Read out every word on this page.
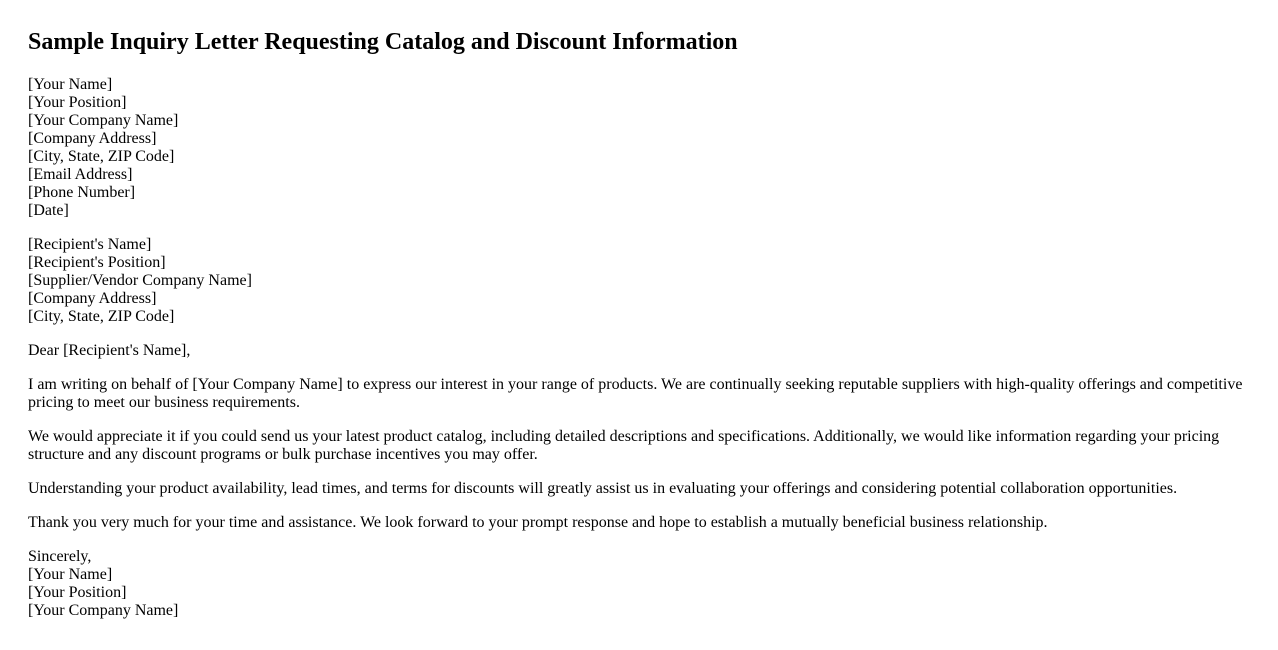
Sample Inquiry Letter Requesting Catalog and Discount Information
[Your Name]
[Your Position]
[Your Company Name]
[Company Address]
[City, State, ZIP Code]
[Email Address]
[Phone Number]
[Date]
[Recipient's Name]
[Recipient's Position]
[Supplier/Vendor Company Name]
[Company Address]
[City, State, ZIP Code]

Dear [Recipient's Name],

I am writing on behalf of [Your Company Name] to express our interest in your range of products. We are continually seeking reputable suppliers with high-quality offerings and competitive pricing to meet our business requirements.

We would appreciate it if you could send us your latest product catalog, including detailed descriptions and specifications. Additionally, we would like information regarding your pricing structure and any discount programs or bulk purchase incentives you may offer.

Understanding your product availability, lead times, and terms for discounts will greatly assist us in evaluating your offerings and considering potential collaboration opportunities.

Thank you very much for your time and assistance. We look forward to your prompt response and hope to establish a mutually beneficial business relationship.

Sincerely,
[Your Name]
[Your Position]
[Your Company Name]
